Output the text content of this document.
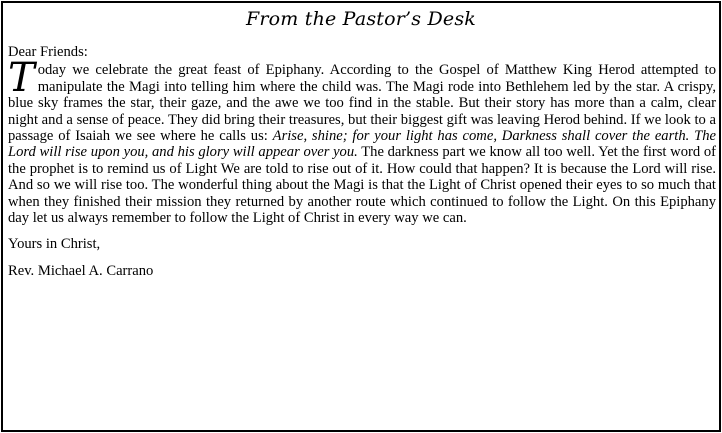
From the Pastor’s Desk

Dear Friends:

Today we celebrate the great feast of Epiphany. According to the Gospel of Matthew King Herod attempted to manipulate the Magi into telling him where the child was. The Magi rode into Bethlehem led by the star. A crispy, blue sky frames the star, their gaze, and the awe we too find in the stable. But their story has more than a calm, clear night and a sense of peace. They did bring their treasures, but their biggest gift was leaving Herod behind. If we look to a passage of Isaiah we see where he calls us: Arise, shine; for your light has come, Darkness shall cover the earth. The Lord will rise upon you, and his glory will appear over you. The darkness part we know all too well. Yet the first word of the prophet is to remind us of Light We are told to rise out of it. How could that happen? It is because the Lord will rise. And so we will rise too. The wonderful thing about the Magi is that the Light of Christ opened their eyes to so much that when they finished their mission they returned by another route which continued to follow the Light. On this Epiphany day let us always remember to follow the Light of Christ in every way we can.

Yours in Christ,

Rev. Michael A. Carrano
